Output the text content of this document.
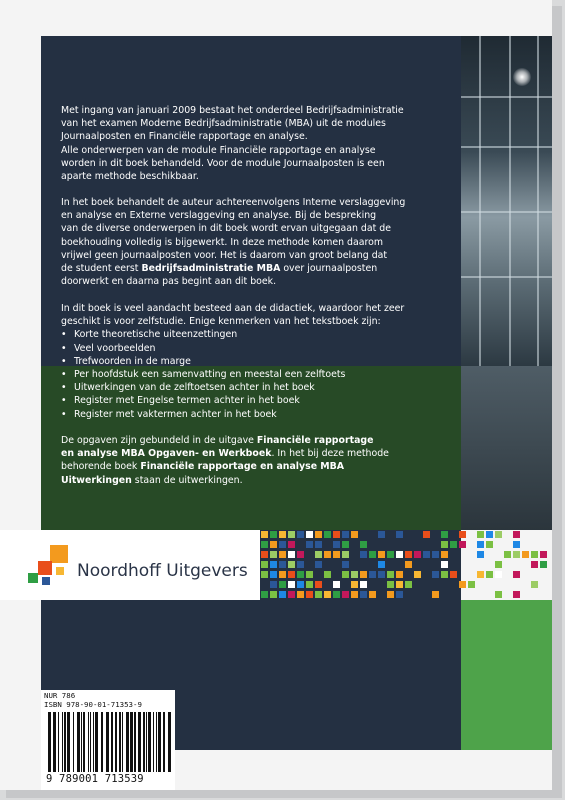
Noordhoff Uitgevers

Met ingang van januari 2009 bestaat het onderdeel Bedrijfsadministratie
van het examen Moderne Bedrijfsadministratie (MBA) uit de modules
Journaalposten en Financiële rapportage en analyse.
Alle onderwerpen van de module Financiële rapportage en analyse
worden in dit boek behandeld. Voor de module Journaalposten is een
aparte methode beschikbaar.

In het boek behandelt de auteur achtereenvolgens Interne verslaggeving
en analyse en Externe verslaggeving en analyse. Bij de bespreking
van de diverse onderwerpen in dit boek wordt ervan uitgegaan dat de
boekhouding volledig is bijgewerkt. In deze methode komen daarom
vrijwel geen journaalposten voor. Het is daarom van groot belang dat
de student eerst Bedrijfsadministratie MBA over journaalposten
doorwerkt en daarna pas begint aan dit boek.

In dit boek is veel aandacht besteed aan de didactiek, waardoor het zeer
geschikt is voor zelfstudie. Enige kenmerken van het tekstboek zijn:

• Korte theoretische uiteenzettingen
• Veel voorbeelden
• Trefwoorden in de marge
• Per hoofdstuk een samenvatting en meestal een zelftoets
• Uitwerkingen van de zelftoetsen achter in het boek
• Register met Engelse termen achter in het boek
• Register met vaktermen achter in het boek

De opgaven zijn gebundeld in de uitgave Financiële rapportage
en analyse MBA Opgaven- en Werkboek. In het bij deze methode
behorende boek Financiële rapportage en analyse MBA
Uitwerkingen staan de uitwerkingen.

NUR 786
ISBN 978-90-01-71353-9
9 789001 713539
